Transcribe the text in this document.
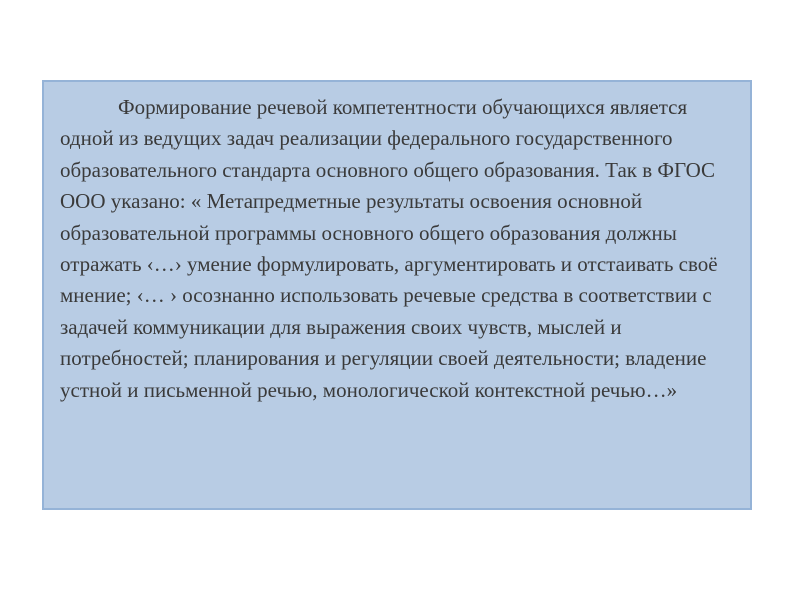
Формирование речевой компетентности обучающихся является одной из ведущих задач реализации федерального государственного образовательного стандарта основного общего образования. Так в ФГОС ООО указано: « Метапредметные результаты освоения основной образовательной программы основного общего образования должны отражать ‹…› умение формулировать, аргументировать и отстаивать своё мнение; ‹… › осознанно использовать речевые средства в соответствии с задачей коммуникации для выражения своих чувств, мыслей и потребностей; планирования и регуляции своей деятельности; владение устной и письменной речью, монологической контекстной речью…»
